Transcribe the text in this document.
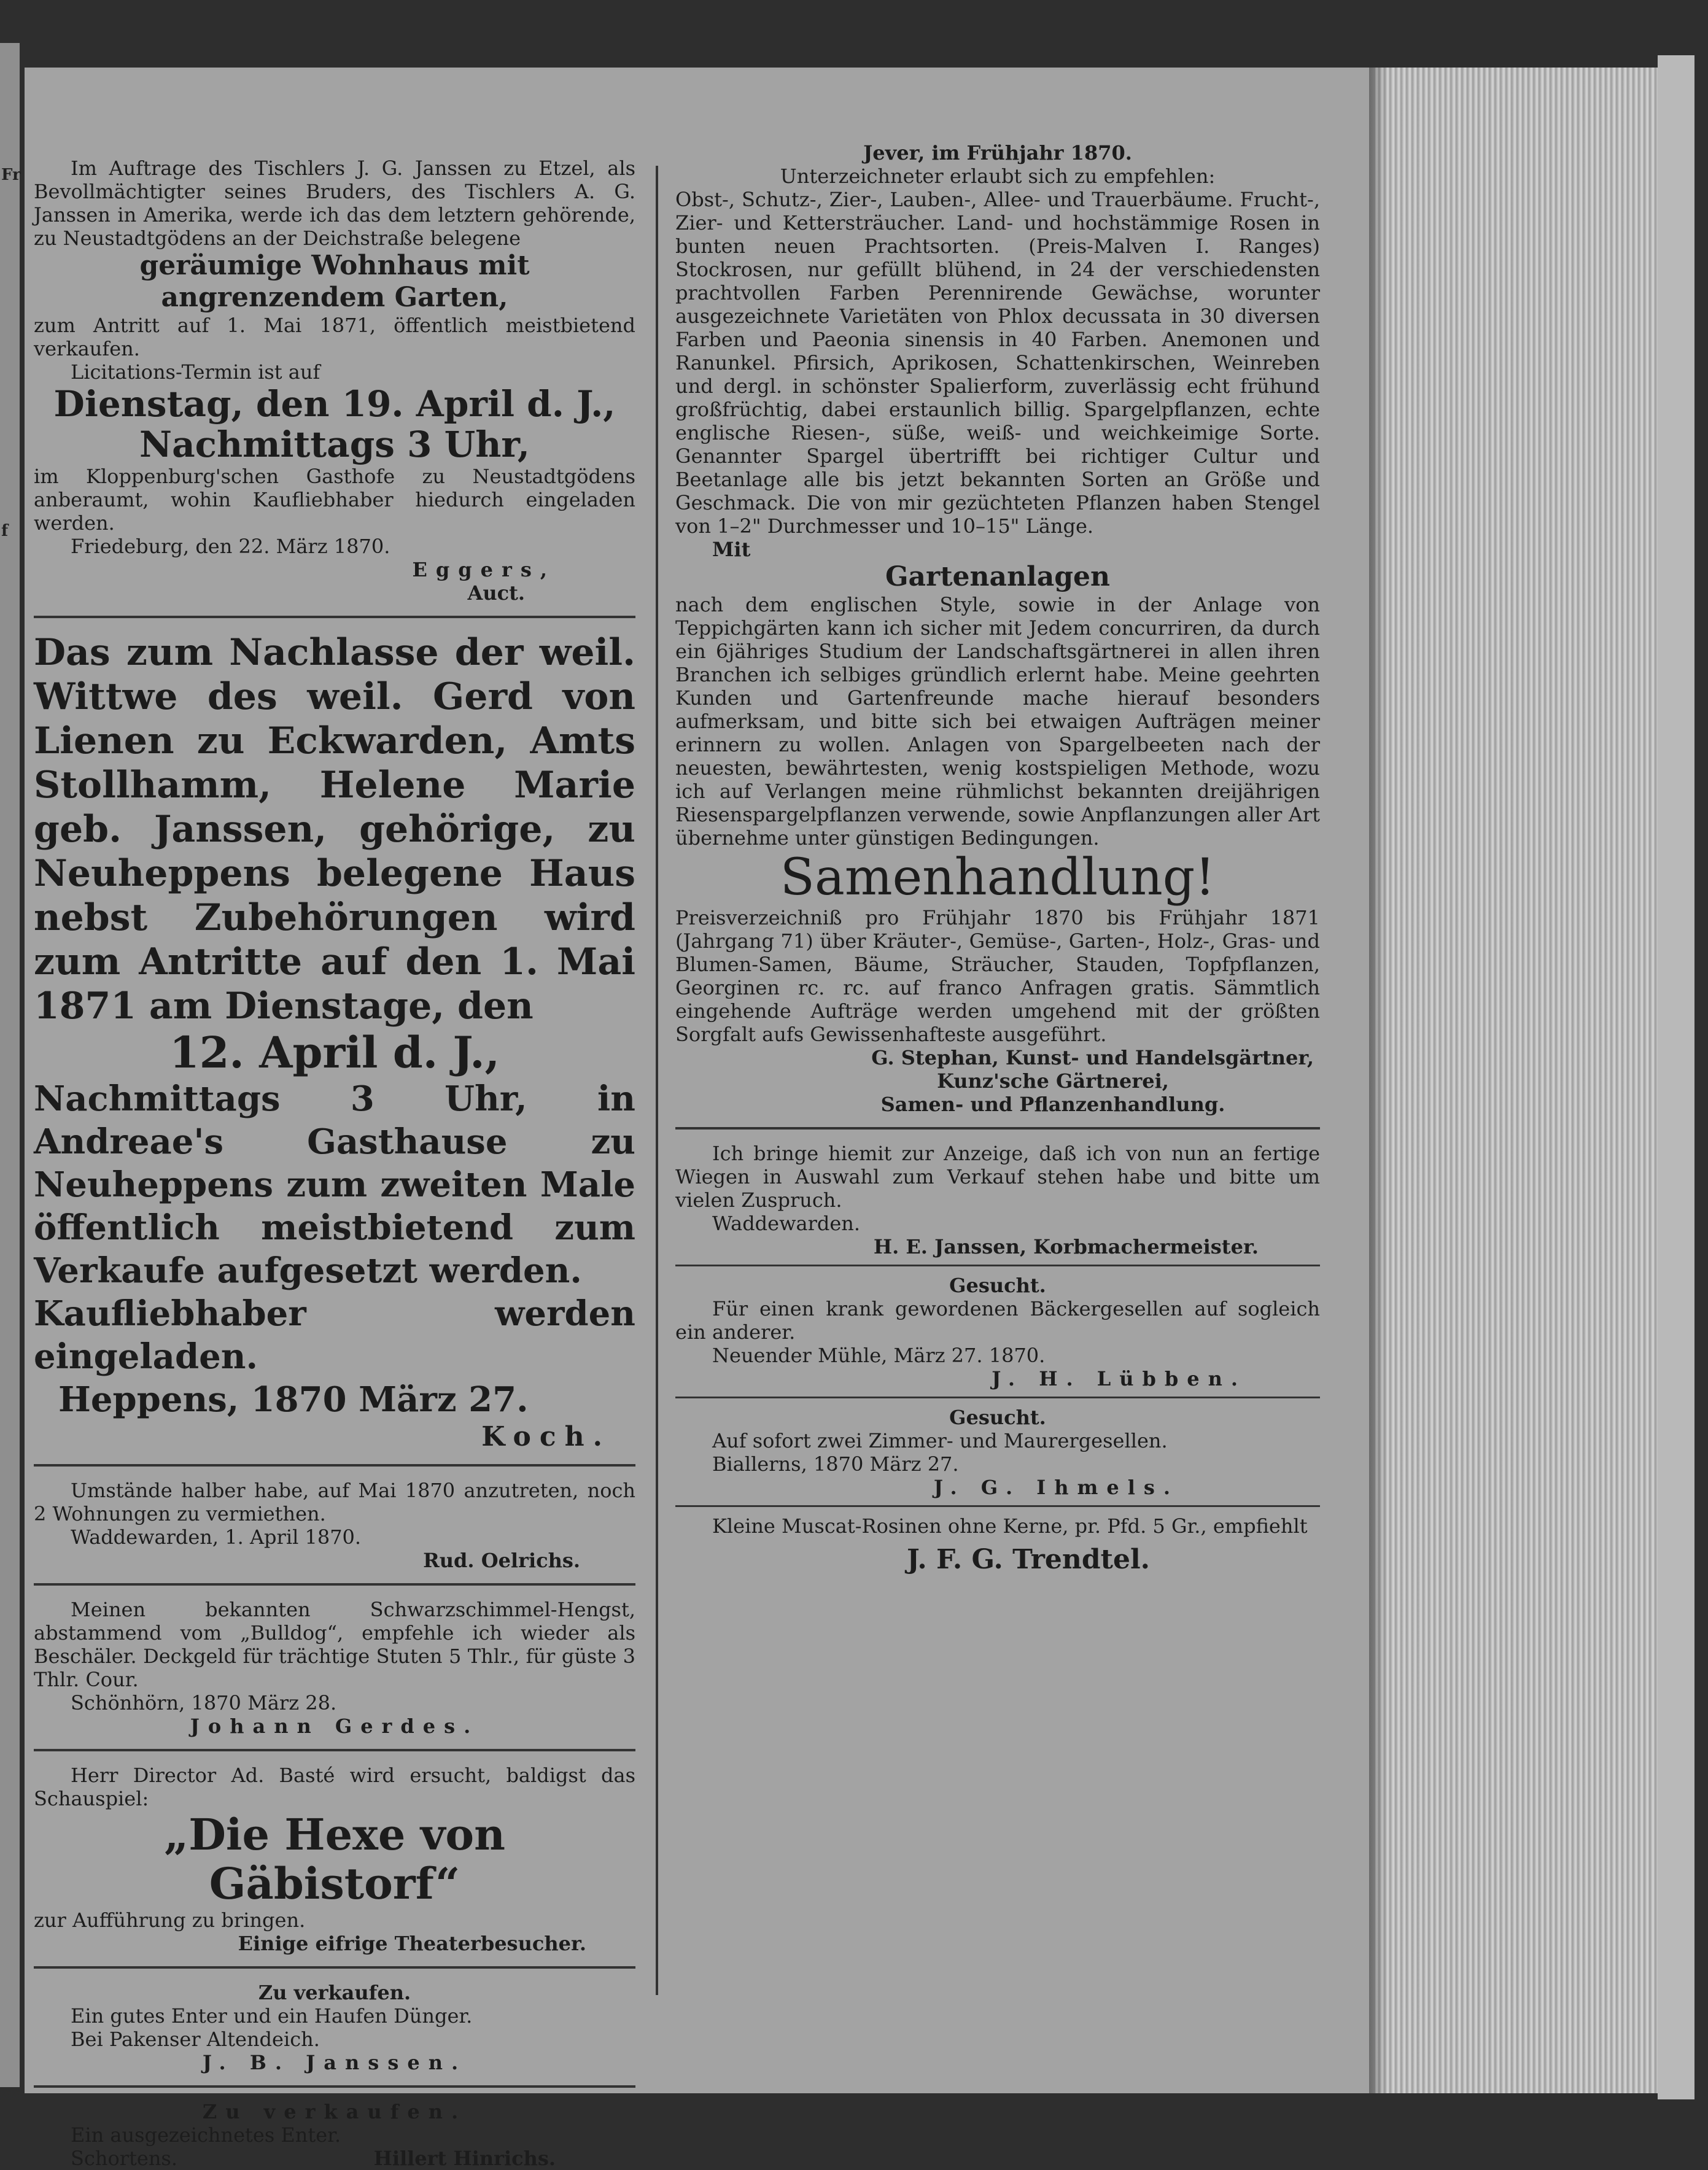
Fr
f

Im Auftrage des Tischlers J. G. Janssen zu Etzel, als Bevollmächtigter seines Bruders, des Tischlers A. G. Janssen in Amerika, werde ich das dem letztern gehörende, zu Neustadtgödens an der Deichstraße belegene

geräumige Wohnhaus mit angrenzendem Garten,

zum Antritt auf 1. Mai 1871, öffentlich meistbietend verkaufen.

Licitations-Termin ist auf

Dienstag, den 19. April d. J.,

Nachmittags 3 Uhr,

im Kloppenburg'schen Gasthofe zu Neustadtgödens anberaumt, wohin Kaufliebhaber hiedurch eingeladen werden.

Friedeburg, den 22. März 1870.

Eggers,

Auct.

Das zum Nachlasse der weil. Wittwe des weil. Gerd von Lienen zu Eckwarden, Amts Stollhamm, Helene Marie geb. Janssen, gehörige, zu Neuheppens belegene Haus nebst Zubehörungen wird zum Antritte auf den 1. Mai 1871 am Dienstage, den

12. April d. J.,

Nachmittags 3 Uhr, in Andreae's Gasthause zu Neuheppens zum zweiten Male öffentlich meistbietend zum Verkaufe aufgesetzt werden.

Kaufliebhaber werden eingeladen.

Heppens, 1870 März 27.

Koch.

Umstände halber habe, auf Mai 1870 anzutreten, noch 2 Wohnungen zu vermiethen.

Waddewarden, 1. April 1870.

Rud. Oelrichs.

Meinen bekannten Schwarzschimmel-Hengst, abstammend vom „Bulldog“, empfehle ich wieder als Beschäler. Deckgeld für trächtige Stuten 5 Thlr., für güste 3 Thlr. Cour.

Schönhörn, 1870 März 28.

Johann Gerdes.

Herr Director Ad. Basté wird ersucht, baldigst das Schauspiel:

„Die Hexe von Gäbistorf“

zur Aufführung zu bringen.

Einige eifrige Theaterbesucher.

Zu verkaufen.

Ein gutes Enter und ein Haufen Dünger.

Bei Pakenser Altendeich.

J. B. Janssen.

Zu verkaufen.

Ein ausgezeichnetes Enter.

Schortens.	Hillert Hinrichs.

Jever, im Frühjahr 1870.

Unterzeichneter erlaubt sich zu empfehlen:

Obst-, Schutz-, Zier-, Lauben-, Allee- und Trauerbäume. Frucht-, Zier- und Kettersträucher. Land- und hochstämmige Rosen in bunten neuen Prachtsorten. (Preis-Malven I. Ranges) Stockrosen, nur gefüllt blühend, in 24 der verschiedensten prachtvollen Farben Perennirende Gewächse, worunter ausgezeichnete Varietäten von Phlox decussata in 30 diversen Farben und Paeonia sinensis in 40 Farben. Anemonen und Ranunkel. Pfirsich, Aprikosen, Schattenkirschen, Weinreben und dergl. in schönster Spalierform, zuverlässig echt frühund großfrüchtig, dabei erstaunlich billig. Spargelpflanzen, echte englische Riesen-, süße, weiß- und weichkeimige Sorte. Genannter Spargel übertrifft bei richtiger Cultur und Beetanlage alle bis jetzt bekannten Sorten an Größe und Geschmack. Die von mir gezüchteten Pflanzen haben Stengel von 1–2" Durchmesser und 10–15" Länge.

Mit

Gartenanlagen

nach dem englischen Style, sowie in der Anlage von Teppichgärten kann ich sicher mit Jedem concurriren, da durch ein 6jähriges Studium der Landschaftsgärtnerei in allen ihren Branchen ich selbiges gründlich erlernt habe. Meine geehrten Kunden und Gartenfreunde mache hierauf besonders aufmerksam, und bitte sich bei etwaigen Aufträgen meiner erinnern zu wollen. Anlagen von Spargelbeeten nach der neuesten, bewährtesten, wenig kostspieligen Methode, wozu ich auf Verlangen meine rühmlichst bekannten dreijährigen Riesenspargelpflanzen verwende, sowie Anpflanzungen aller Art übernehme unter günstigen Bedingungen.

Samenhandlung!

Preisverzeichniß pro Frühjahr 1870 bis Frühjahr 1871 (Jahrgang 71) über Kräuter-, Gemüse-, Garten-, Holz-, Gras- und Blumen-Samen, Bäume, Sträucher, Stauden, Topfpflanzen, Georginen rc. rc. auf franco Anfragen gratis. Sämmtlich eingehende Aufträge werden umgehend mit der größten Sorgfalt aufs Gewissenhafteste ausgeführt.

G. Stephan, Kunst- und Handelsgärtner,

Kunz'sche Gärtnerei,

Samen- und Pflanzenhandlung.

Ich bringe hiemit zur Anzeige, daß ich von nun an fertige Wiegen in Auswahl zum Verkauf stehen habe und bitte um vielen Zuspruch.

Waddewarden.

H. E. Janssen, Korbmachermeister.

Gesucht.

Für einen krank gewordenen Bäckergesellen auf sogleich ein anderer.

Neuender Mühle, März 27. 1870.

J. H. Lübben.

Gesucht.

Auf sofort zwei Zimmer- und Maurergesellen.

Biallerns, 1870 März 27.

J. G. Ihmels.

Kleine Muscat-Rosinen ohne Kerne, pr. Pfd. 5 Gr., empfiehlt

J. F. G. Trendtel.
